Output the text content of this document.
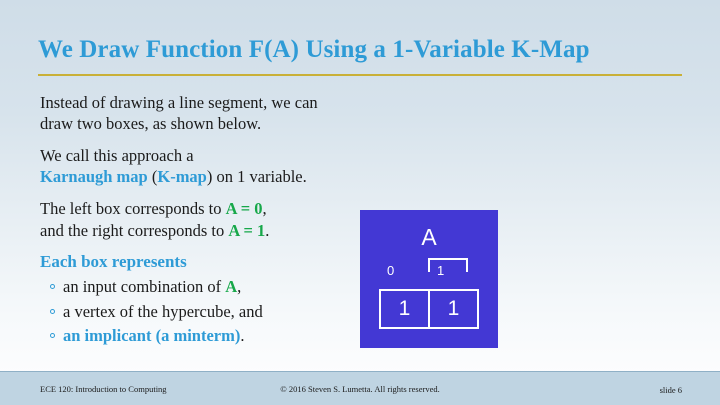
We Draw Function F(A) Using a 1-Variable K-Map
Instead of drawing a line segment, we can
draw two boxes, as shown below.
We call this approach a
Karnaugh map (K-map) on 1 variable.
The left box corresponds to A = 0,
and the right corresponds to A = 1.
Each box represents
an input combination of A,
a vertex of the hypercube, and
an implicant (a minterm).
A
0	1
1	1
ECE 120: Introduction to Computing	© 2016 Steven S. Lumetta. All rights reserved.	slide 6
